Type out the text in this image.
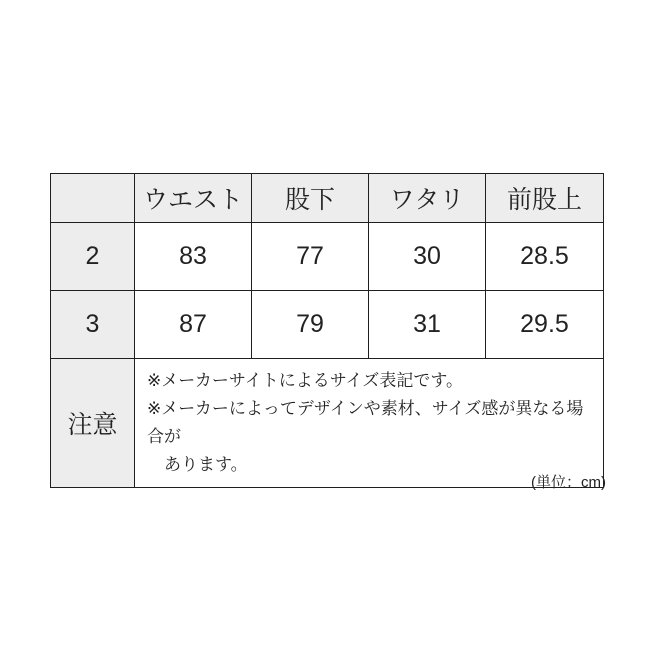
	ウエスト	股下	ワタリ	前股上
2	83	77	30	28.5
3	87	79	31	29.5
注意	※メーカーサイトによるサイズ表記です。
※メーカーによってデザインや素材、サイズ感が異なる場合が
　あります。			
(単位：cm)
